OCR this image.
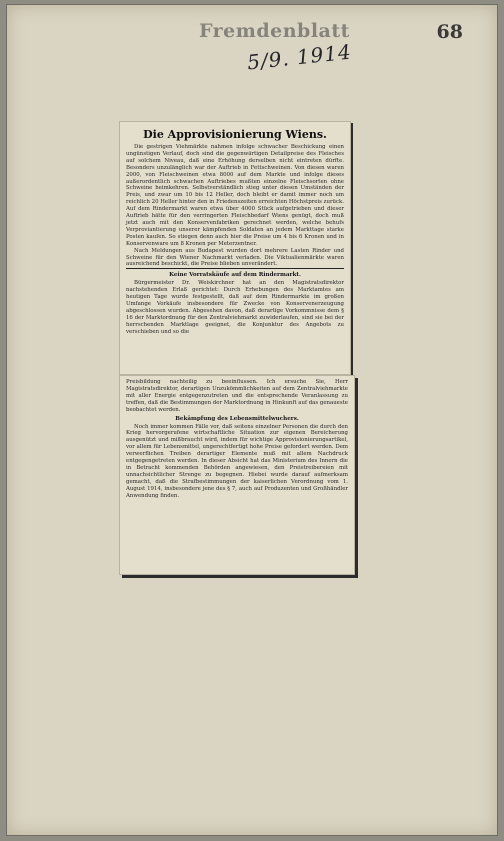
Fremdenblatt	68
5/9. 1914
Die Approvisionierung Wiens.

Die gestrigen Viehmärkte nahmen infolge schwacher Beschickung einen ungünstigen Verlauf, doch sind die gegenwärtigen Detailpreise des Fleisches auf solchem Niveau, daß eine Erhöhung derselben nicht eintreten dürfte. Besonders unzulänglich war der Auftrieb in Fettschweinen. Von diesen waren 2000, von Fleischweinen etwa 8000 auf dem Markte und infolge dieses außerordentlich schwachen Auftriebes mußten einzelne Fleischsorten ohne Schweine heimkehren. Selbstverständlich stieg unter diesen Umständen der Preis, und zwar um 10 bis 12 Heller, doch bleibt er damit immer noch um reichlich 20 Heller hinter den in Friedenszeiten erreichten Höchstpreis zurück. Auf dem Rindermarkt waren etwa über 4000 Stück aufgetrieben und dieser Auftrieb hätte für den verringerten Fleischbedarf Wiens genügt, doch muß jetzt auch mit den Konservenfabriken gerechnet werden, welche behufs Verproviantierung unserer kämpfenden Soldaten an jedem Markttage starke Posten kaufen. So stiegen denn auch hier die Preise um 4 bis 6 Kronen und in Konservenware um 8 Kronen per Meterzentner.

Nach Meldungen aus Budapest wurden dort mehrere Lasten Rinder und Schweine für den Wiener Nachmarkt verladen. Die Viktualienmärkte waren ausreichend beschickt, die Preise blieben unverändert.

Keine Vorratskäufe auf dem Rindermarkt.

Bürgermeister Dr. Weiskirchner hat an den Magistratsdirektor nachstehenden Erlaß gerichtet: Durch Erhebungen des Marktamtes am heutigen Tage wurde festgestellt, daß auf dem Rindermarkte im großen Umfange Vorkäufe insbesondere für Zwecke von Konservenerzeugung abgeschlossen wurden. Abgesehen davon, daß derartige Vorkommnisse dem § 16 der Marktordnung für den Zentralviehmarkt zuwiderlaufen, sind sie bei der herrschenden Marktlage geeignet, die Konjunktur des Angebots zu verschieben und so die

Preisbildung nachteilig zu beeinflussen. Ich ersuche Sie, Herr Magistratsdirektor, derartigen Unzukömmlichkeiten auf dem Zentralviehmarkte mit aller Energie entgegenzutreten und die entsprechende Veranlassung zu treffen, daß die Bestimmungen der Marktordnung in Hinkunft auf das genaueste beobachtet werden.

Bekämpfung des Lebensmittelwuchers.

Noch immer kommen Fälle vor, daß seitens einzelner Personen die durch den Krieg hervorgerufene wirtschaftliche Situation zur eigenen Bereicherung ausgenützt und mißbraucht wird, indem für wichtige Approvisionierungsartikel, vor allem für Lebensmittel, ungerechtfertigt hohe Preise gefordert werden. Dem verwerflichen Treiben derartiger Elemente muß mit allem Nachdruck entgegengetreten werden. In dieser Absicht hat das Ministerium des Innern die in Betracht kommenden Behörden angewiesen, den Preistreibereien mit unnachsichtlicher Strenge zu begegnen. Hiebei wurde darauf aufmerksam gemacht, daß die Strafbestimmungen der kaiserlichen Verordnung vom 1. August 1914, insbesondere jene des § 7, auch auf Produzenten und Großhändler Anwendung finden.
